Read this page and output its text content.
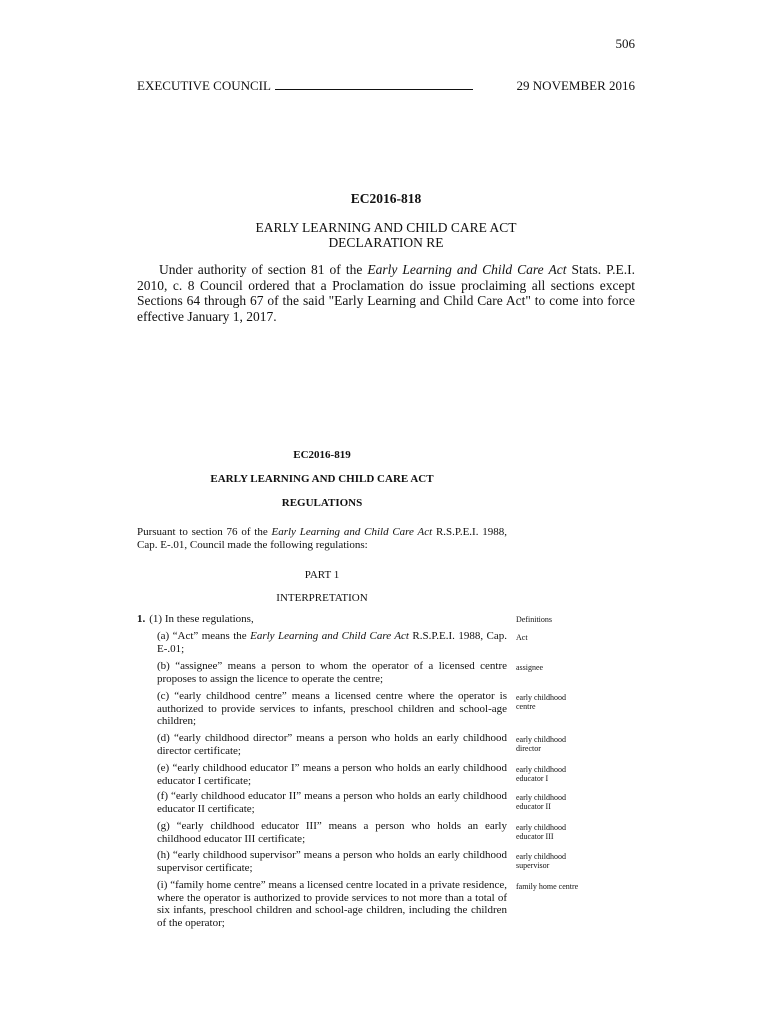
506
EXECUTIVE COUNCIL	29 NOVEMBER 2016
EC2016-818
EARLY LEARNING AND CHILD CARE ACT
DECLARATION RE
Under authority of section 81 of the Early Learning and Child Care Act Stats. P.E.I. 2010, c. 8 Council ordered that a Proclamation do issue proclaiming all sections except Sections 64 through 67 of the said "Early Learning and Child Care Act" to come into force effective January 1, 2017.
EC2016-819
EARLY LEARNING AND CHILD CARE ACT
REGULATIONS
Pursuant to section 76 of the Early Learning and Child Care Act R.S.P.E.I. 1988, Cap. E-.01, Council made the following regulations:
PART 1
INTERPRETATION
1. (1) In these regulations,	Definitions
(a) “Act” means the Early Learning and Child Care Act R.S.P.E.I. 1988, Cap. E-.01;
Act
(b) “assignee” means a person to whom the operator of a licensed centre proposes to assign the licence to operate the centre;
assignee
(c) “early childhood centre” means a licensed centre where the operator is authorized to provide services to infants, preschool children and school-age children;
early childhood centre
(d) “early childhood director” means a person who holds an early childhood director certificate;
early childhood director
(e) “early childhood educator I” means a person who holds an early childhood educator I certificate;
early childhood educator I
(f) “early childhood educator II” means a person who holds an early childhood educator II certificate;
early childhood educator II
(g) “early childhood educator III” means a person who holds an early childhood educator III certificate;
early childhood educator III
(h) “early childhood supervisor” means a person who holds an early childhood supervisor certificate;
early childhood supervisor
(i) “family home centre” means a licensed centre located in a private residence, where the operator is authorized to provide services to not more than a total of six infants, preschool children and school-age children, including the children of the operator;
family home centre
